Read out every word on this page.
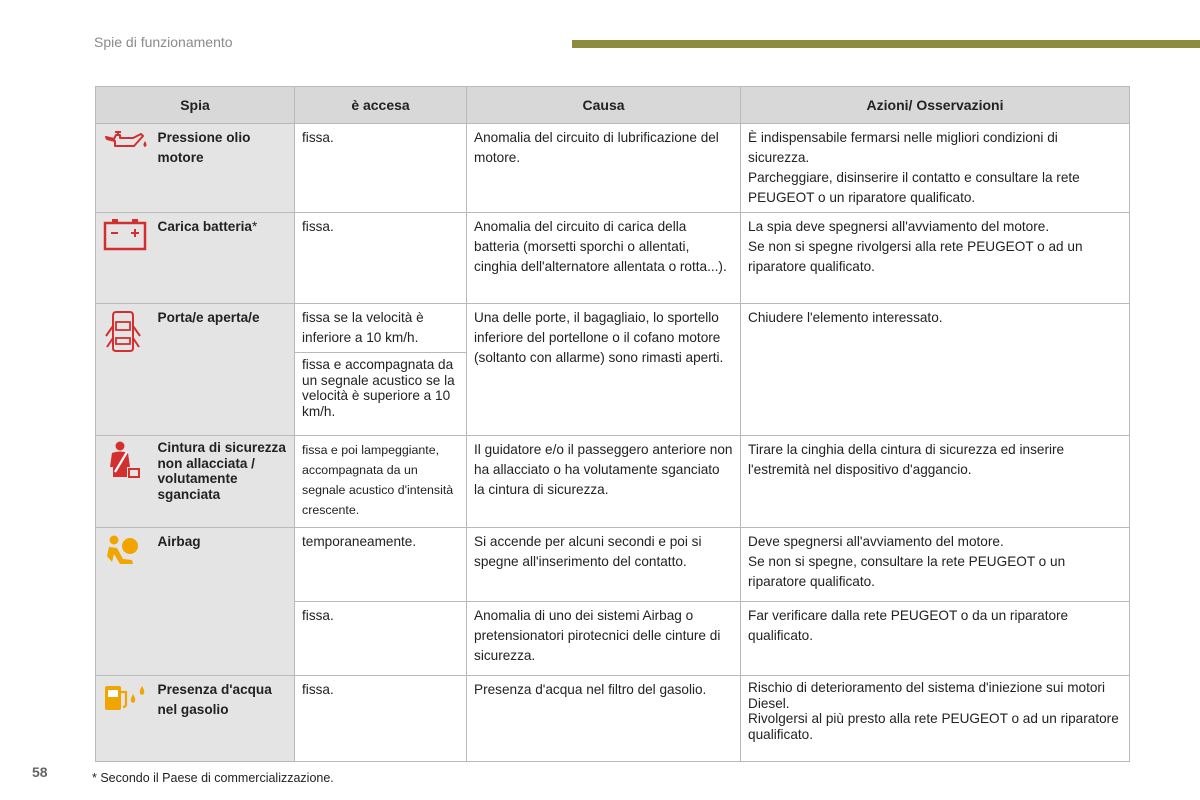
Spie di funzionamento
Spia		è accesa	Causa	Azioni/ Osservazioni
	Pressione olio motore	fissa.	Anomalia del circuito di lubrificazione del motore.	È indispensabile fermarsi nelle migliori condizioni di sicurezza.
Parcheggiare, disinserire il contatto e consultare la rete PEUGEOT o un riparatore qualificato.

	Carica batteria*	fissa.	Anomalia del circuito di carica della batteria (morsetti sporchi o allentati, cinghia dell'alternatore allentata o rotta...).	La spia deve spegnersi all'avviamento del motore.
Se non si spegne rivolgersi alla rete PEUGEOT o ad un riparatore qualificato.

	Porta/e aperta/e	fissa se la velocità è inferiore a 10 km/h.	Una delle porte, il bagagliaio, lo sportello inferiore del portellone o il cofano motore (soltanto con allarme) sono rimasti aperti.	Chiudere l'elemento interessato.
		fissa e accompagnata da un segnale acustico se la velocità è superiore a 10 km/h.		
	Cintura di sicurezza non allacciata / volutamente sganciata	fissa e poi lampeggiante, accompagnata da un segnale acustico d'intensità crescente.	Il guidatore e/o il passeggero anteriore non ha allacciato o ha volutamente sganciato la cintura di sicurezza.	Tirare la cinghia della cintura di sicurezza ed inserire l'estremità nel dispositivo d'aggancio.
	Airbag	temporaneamente.	Si accende per alcuni secondi e poi si spegne all'inserimento del contatto.	Deve spegnersi all'avviamento del motore.
Se non si spegne, consultare la rete PEUGEOT o un riparatore qualificato.

		fissa.	Anomalia di uno dei sistemi Airbag o pretensionatori pirotecnici delle cinture di sicurezza.	Far verificare dalla rete PEUGEOT o da un riparatore qualificato.
	Presenza d'acqua nel gasolio	fissa.	Presenza d'acqua nel filtro del gasolio.	Rischio di deterioramento del sistema d'iniezione sui motori Diesel.
Rivolgersi al più presto alla rete PEUGEOT o ad un riparatore qualificato.
58	* Secondo il Paese di commercializzazione.
